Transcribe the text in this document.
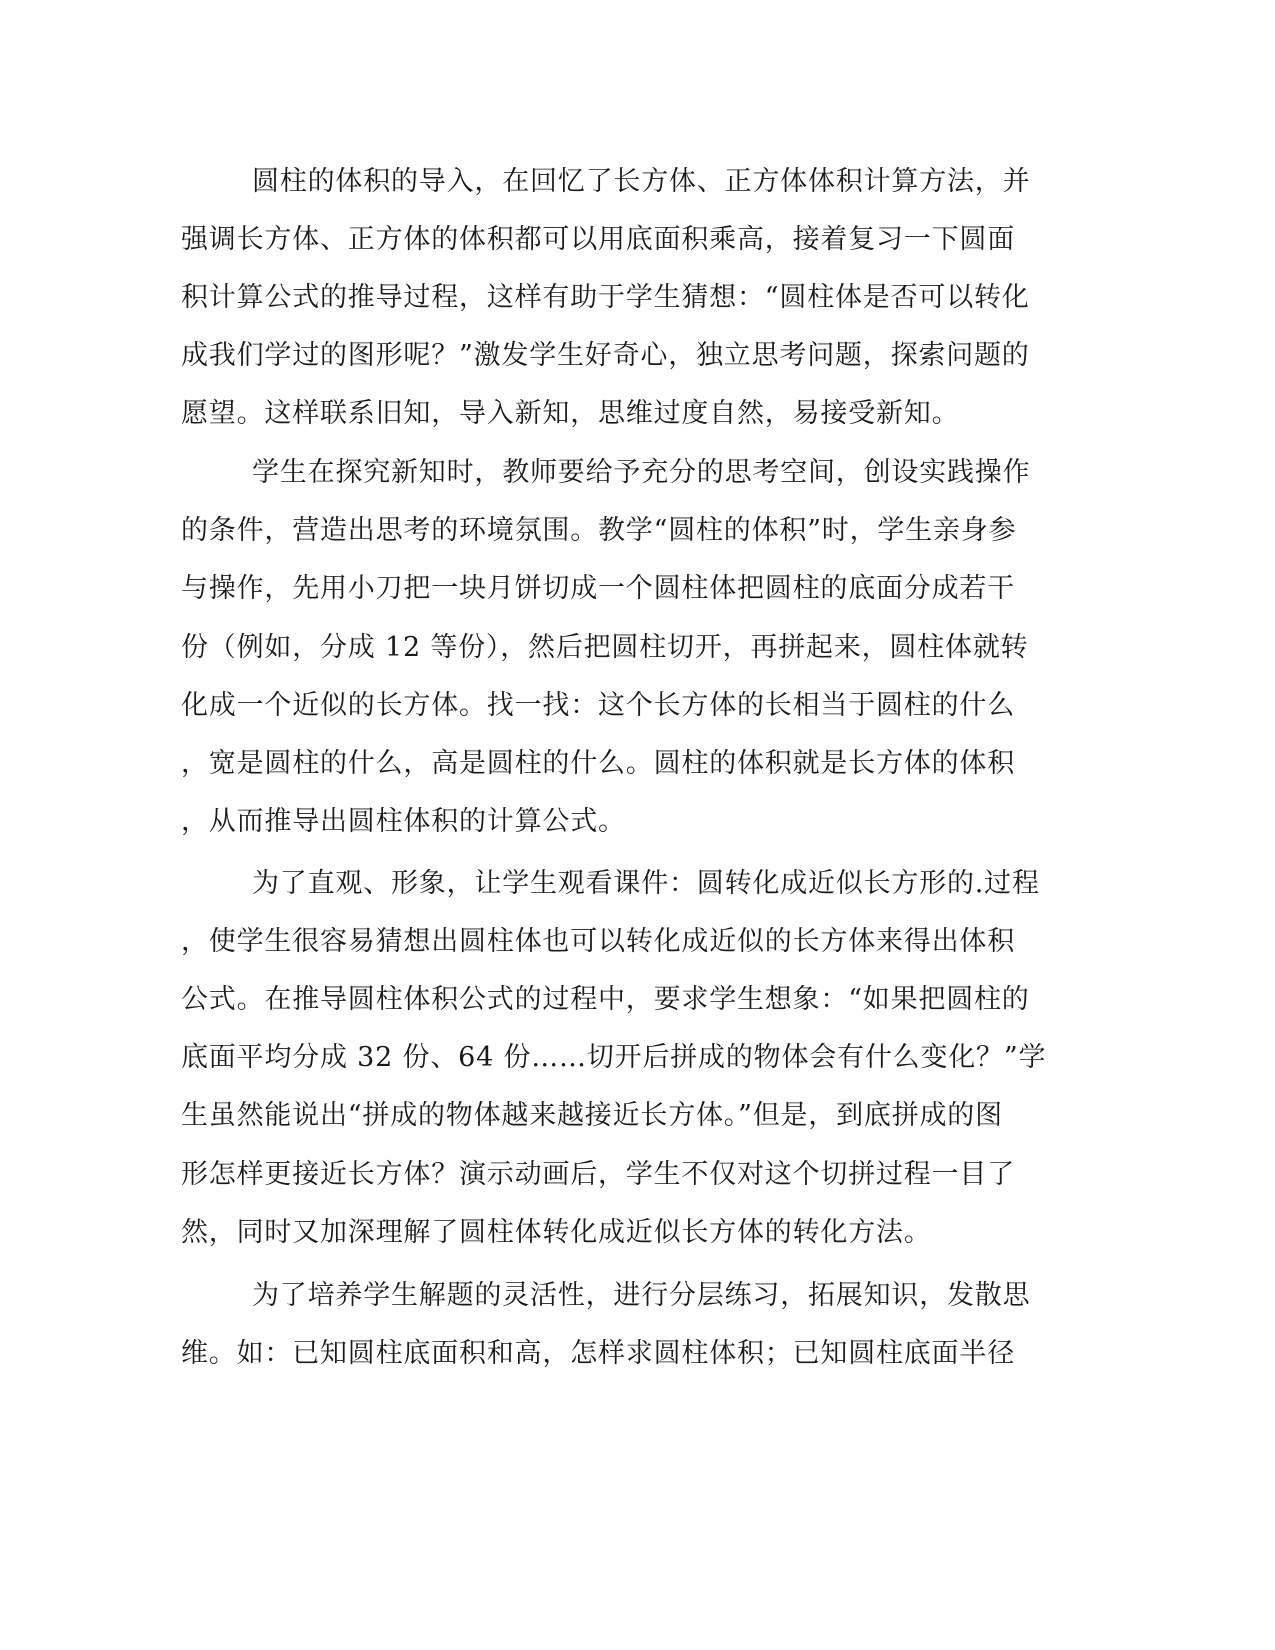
圆柱的体积的导入，在回忆了长方体、正方体体积计算方法，并
强调长方体、正方体的体积都可以用底面积乘高，接着复习一下圆面
积计算公式的推导过程，这样有助于学生猜想：“圆柱体是否可以转化
成我们学过的图形呢？”激发学生好奇心，独立思考问题，探索问题的
愿望。这样联系旧知，导入新知，思维过度自然，易接受新知。
学生在探究新知时，教师要给予充分的思考空间，创设实践操作
的条件，营造出思考的环境氛围。教学“圆柱的体积”时，学生亲身参
与操作，先用小刀把一块月饼切成一个圆柱体把圆柱的底面分成若干
份（例如，分成 12 等份），然后把圆柱切开，再拼起来，圆柱体就转
化成一个近似的长方体。找一找：这个长方体的长相当于圆柱的什么
，宽是圆柱的什么，高是圆柱的什么。圆柱的体积就是长方体的体积
，从而推导出圆柱体积的计算公式。
为了直观、形象，让学生观看课件：圆转化成近似长方形的.过程
，使学生很容易猜想出圆柱体也可以转化成近似的长方体来得出体积
公式。在推导圆柱体积公式的过程中，要求学生想象：“如果把圆柱的
底面平均分成 32 份、64 份……切开后拼成的物体会有什么变化？”学
生虽然能说出“拼成的物体越来越接近长方体。”但是，到底拼成的图
形怎样更接近长方体？演示动画后，学生不仅对这个切拼过程一目了
然，同时又加深理解了圆柱体转化成近似长方体的转化方法。
为了培养学生解题的灵活性，进行分层练习，拓展知识，发散思
维。如：已知圆柱底面积和高，怎样求圆柱体积；已知圆柱底面半径
